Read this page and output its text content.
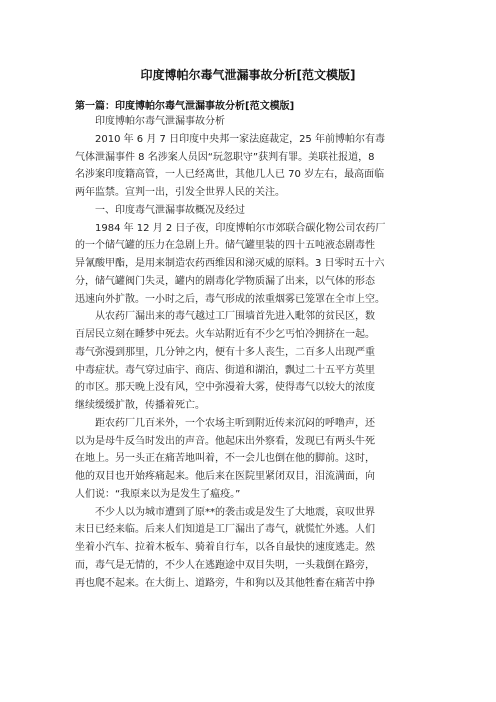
印度博帕尔毒气泄漏事故分析[范文模版]
第一篇：印度博帕尔毒气泄漏事故分析[范文模版]
印度博帕尔毒气泄漏事故分析
2010 年 6 月 7 日印度中央邦一家法庭裁定，25 年前博帕尔有毒
气体泄漏事件 8 名涉案人员因“玩忽职守”获判有罪。美联社报道，8
名涉案印度籍高管，一人已经离世，其他几人已 70 岁左右，最高面临
两年监禁。宣判一出，引发全世界人民的关注。
一、印度毒气泄漏事故概况及经过
1984 年 12 月 2 日子夜，印度博帕尔市郊联合碳化物公司农药厂
的一个储气罐的压力在急剧上升。储气罐里装的四十五吨液态剧毒性
异氰酸甲酯，是用来制造农药西维因和涕灭威的原料。3 日零时五十六
分，储气罐阀门失灵，罐内的剧毒化学物质漏了出来，以气体的形态
迅速向外扩散。一小时之后，毒气形成的浓重烟雾已笼罩在全市上空。
从农药厂漏出来的毒气越过工厂围墙首先进入毗邻的贫民区，数
百居民立刻在睡梦中死去。火车站附近有不少乞丐怕冷拥挤在一起。
毒气弥漫到那里，几分钟之内，便有十多人丧生，二百多人出现严重
中毒症状。毒气穿过庙宇、商店、街道和湖泊，飘过二十五平方英里
的市区。那天晚上没有风，空中弥漫着大雾，使得毒气以较大的浓度
继续缓缓扩散，传播着死亡。
距农药厂几百米外，一个农场主听到附近传来沉闷的呼噜声，还
以为是母牛反刍时发出的声音。他起床出外察看，发现已有两头牛死
在地上。另一头正在痛苦地叫着，不一会儿也倒在他的脚前。这时，
他的双目也开始疼痛起来。他后来在医院里紧闭双目，泪流满面，向
人们说：“我原来以为是发生了瘟疫。”
不少人以为城市遭到了原**的袭击或是发生了大地震，哀叹世界
末日已经来临。后来人们知道是工厂漏出了毒气，就慌忙外逃。人们
坐着小汽车、拉着木板车、骑着自行车，以各自最快的速度逃走。然
而，毒气是无情的，不少人在逃跑途中双目失明，一头栽倒在路旁，
再也爬不起来。在大街上、道路旁，牛和狗以及其他牲畜在痛苦中挣
